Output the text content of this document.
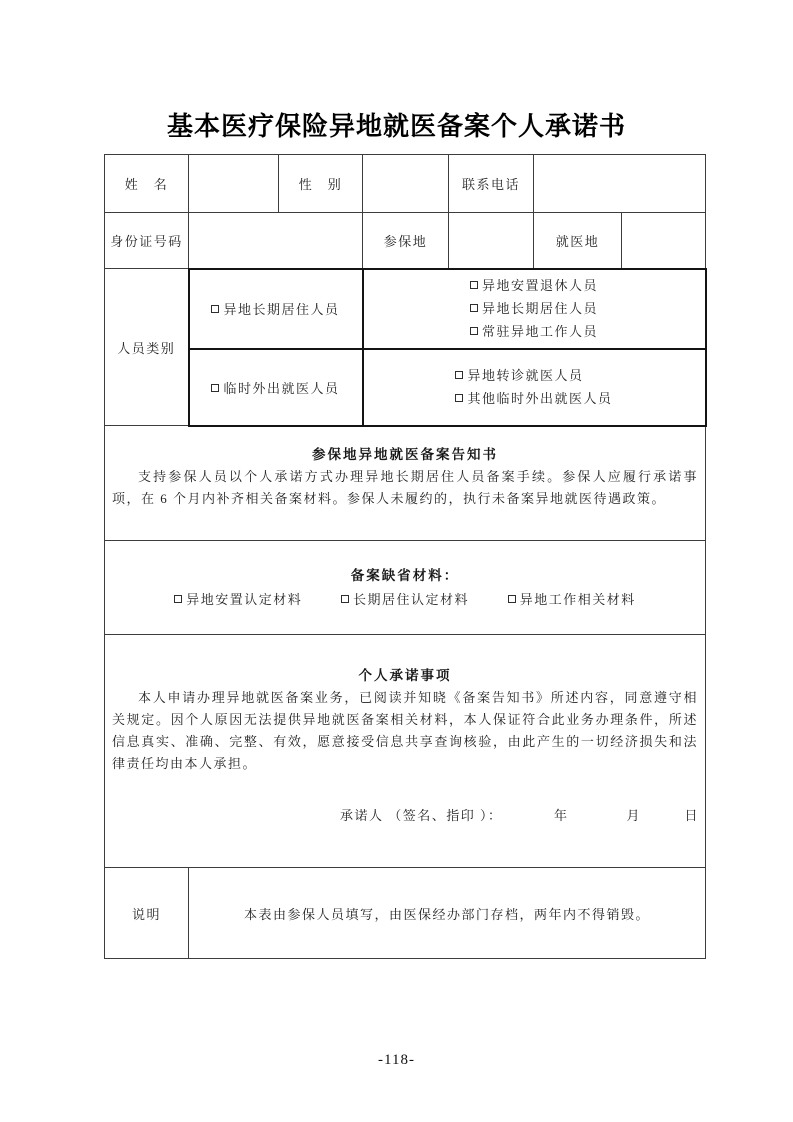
基本医疗保险异地就医备案个人承诺书
姓　名		性　别		联系电话		
身份证号码			参保地		就医地	
人员类别	异地长期居住人员		异地安置退休人员
异地长期居住人员
常驻异地工作人员			

	临时外出就医人员		异地转诊就医人员
其他临时外出就医人员			

参保地异地就医备案告知书
支持参保人员以个人承诺方式办理异地长期居住人员备案手续。参保人应履行承诺事项，在 6 个月内补齐相关备案材料。参保人未履约的，执行未备案异地就医待遇政策。						

备案缺省材料：
异地安置认定材料 长期居住认定材料 异地工作相关材料						

个人承诺事项
本人申请办理异地就医备案业务，已阅读并知晓《备案告知书》所述内容，同意遵守相关规定。因个人原因无法提供异地就医备案相关材料，本人保证符合此业务办理条件，所述信息真实、准确、完整、有效，愿意接受信息共享查询核验，由此产生的一切经济损失和法律责任均由本人承担。
承诺人 （签名、指印 ）：　　　　年　　　　月　　　日						

说明	本表由参保人员填写，由医保经办部门存档，两年内不得销毁。					
-118-
